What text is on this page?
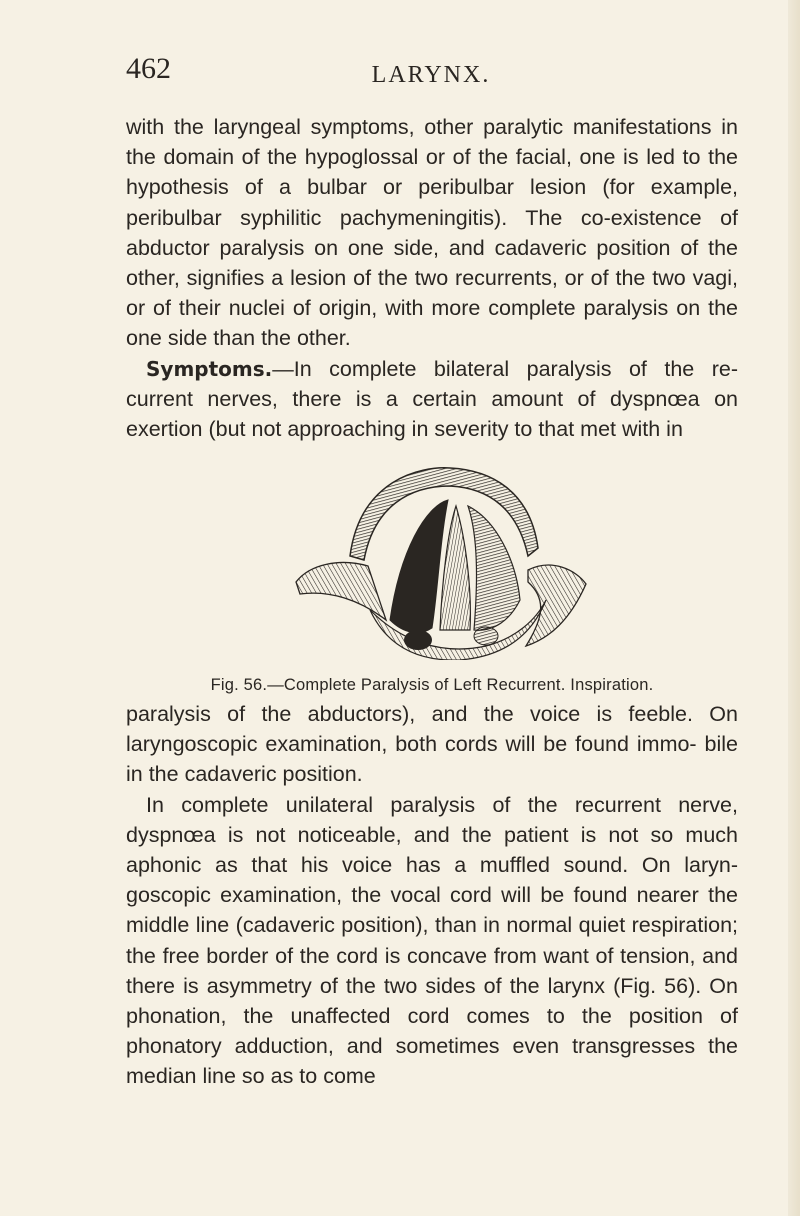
462	LARYNX.

with the laryngeal symptoms, other paralytic manifestations in the domain of the hypoglossal or of the facial, one is led to the hypothesis of a bulbar or peribulbar lesion (for example, peribulbar syphilitic pachymeningitis). The co-existence of abductor paralysis on one side, and cadaveric position of the other, signifies a lesion of the two recurrents, or of the two vagi, or of their nuclei of origin, with more complete paralysis on the one side than the other.

Symptoms.—In complete bilateral paralysis of the re- current nerves, there is a certain amount of dyspnœa on exertion (but not approaching in severity to that met with in

Fig. 56.—Complete Paralysis of Left Recurrent. Inspiration.

paralysis of the abductors), and the voice is feeble. On laryngoscopic examination, both cords will be found immo- bile in the cadaveric position.

In complete unilateral paralysis of the recurrent nerve, dyspnœa is not noticeable, and the patient is not so much aphonic as that his voice has a muffled sound. On laryn- goscopic examination, the vocal cord will be found nearer the middle line (cadaveric position), than in normal quiet respiration; the free border of the cord is concave from want of tension, and there is asymmetry of the two sides of the larynx (Fig. 56). On phonation, the unaffected cord comes to the position of phonatory adduction, and sometimes even transgresses the median line so as to come
